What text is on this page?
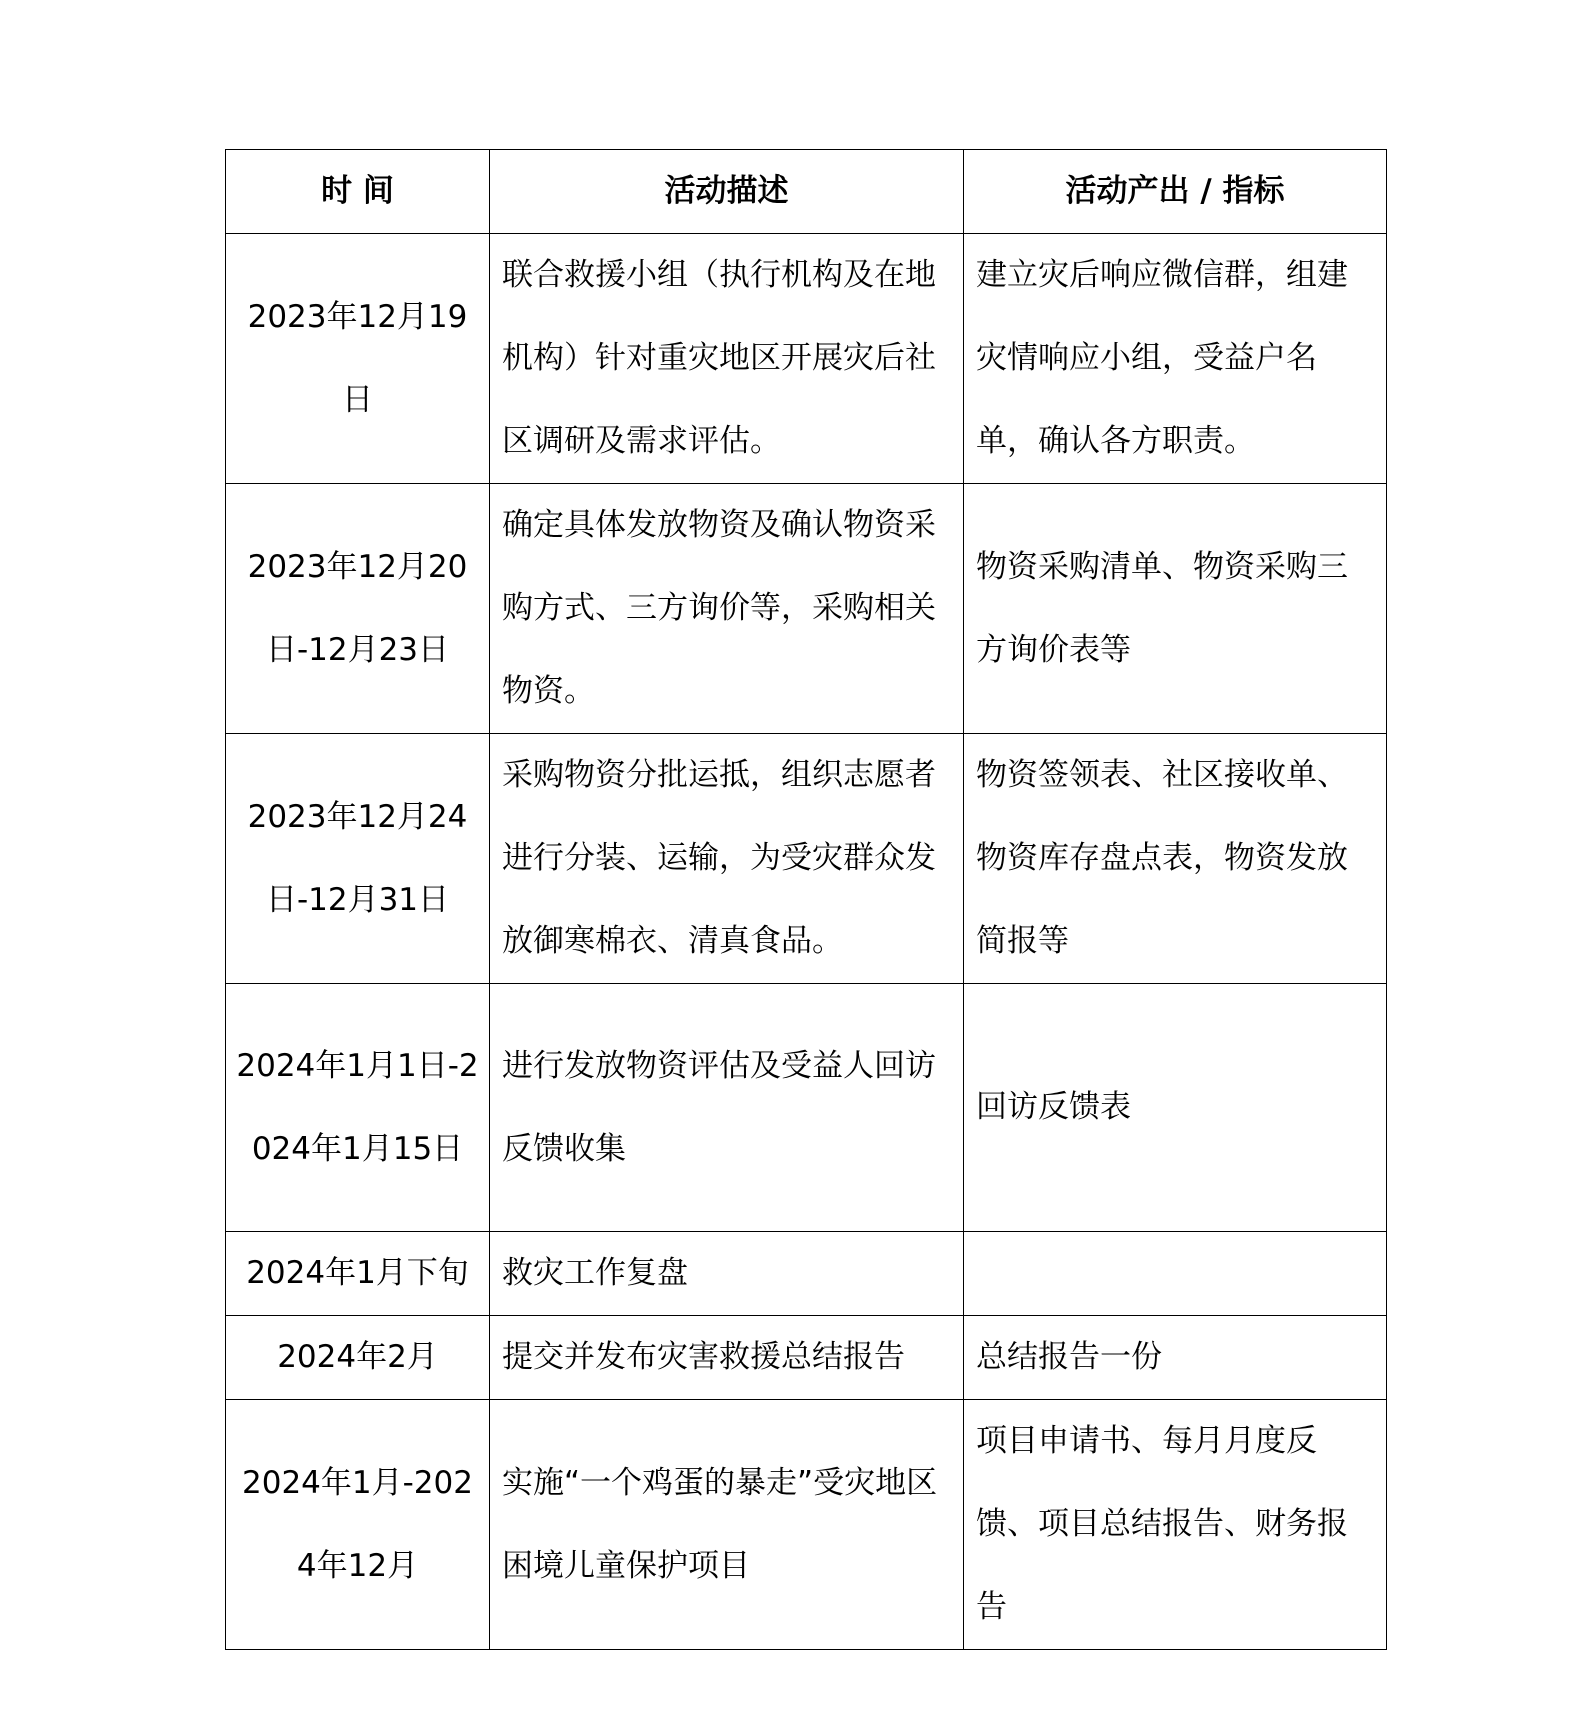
时 间	活动描述	活动产出 / 指标
2023年12月19日	联合救援小组（执行机构及在地机构）针对重灾地区开展灾后社区调研及需求评估。	建立灾后响应微信群，组建灾情响应小组，受益户名单，确认各方职责。
2023年12月20日-12月23日	确定具体发放物资及确认物资采购方式、三方询价等，采购相关物资。	物资采购清单、物资采购三方询价表等
2023年12月24日-12月31日	采购物资分批运抵，组织志愿者进行分装、运输，为受灾群众发放御寒棉衣、清真食品。	物资签领表、社区接收单、物资库存盘点表，物资发放简报等
2024年1月1日-2024年1月15日	进行发放物资评估及受益人回访反馈收集	回访反馈表
2024年1月下旬	救灾工作复盘	
2024年2月	提交并发布灾害救援总结报告	总结报告一份
2024年1月-2024年12月	实施“一个鸡蛋的暴走”受灾地区困境儿童保护项目	项目申请书、每月月度反馈、项目总结报告、财务报告
